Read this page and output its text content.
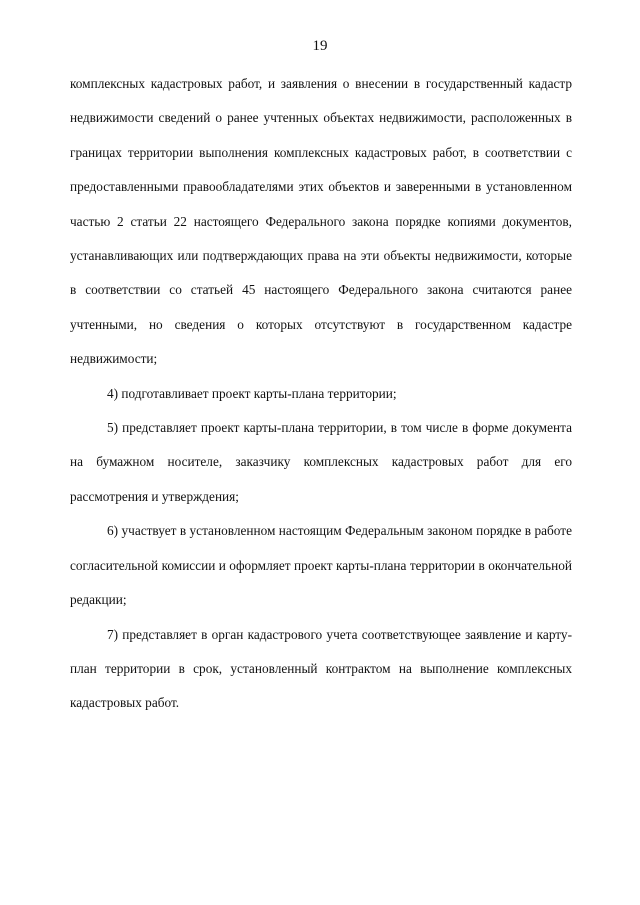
19

комплексных кадастровых работ, и заявления о внесении в государственный кадастр недвижимости сведений о ранее учтенных объектах недвижимости, расположенных в границах территории выполнения комплексных кадастровых работ, в соответствии с предоставленными правообладателями этих объектов и заверенными в установленном частью 2 статьи 22 настоящего Федерального закона порядке копиями документов, устанавливающих или подтверждающих права на эти объекты недвижимости, которые в соответствии со статьей 45 настоящего Федерального закона считаются ранее учтенными, но сведения о которых отсутствуют в государственном кадастре недвижимости;

4) подготавливает проект карты-плана территории;

5) представляет проект карты-плана территории, в том числе в форме документа на бумажном носителе, заказчику комплексных кадастровых работ для его рассмотрения и утверждения;

6) участвует в установленном настоящим Федеральным законом порядке в работе согласительной комиссии и оформляет проект карты-плана территории в окончательной редакции;

7) представляет в орган кадастрового учета соответствующее заявление и карту-план территории в срок, установленный контрактом на выполнение комплексных кадастровых работ.
